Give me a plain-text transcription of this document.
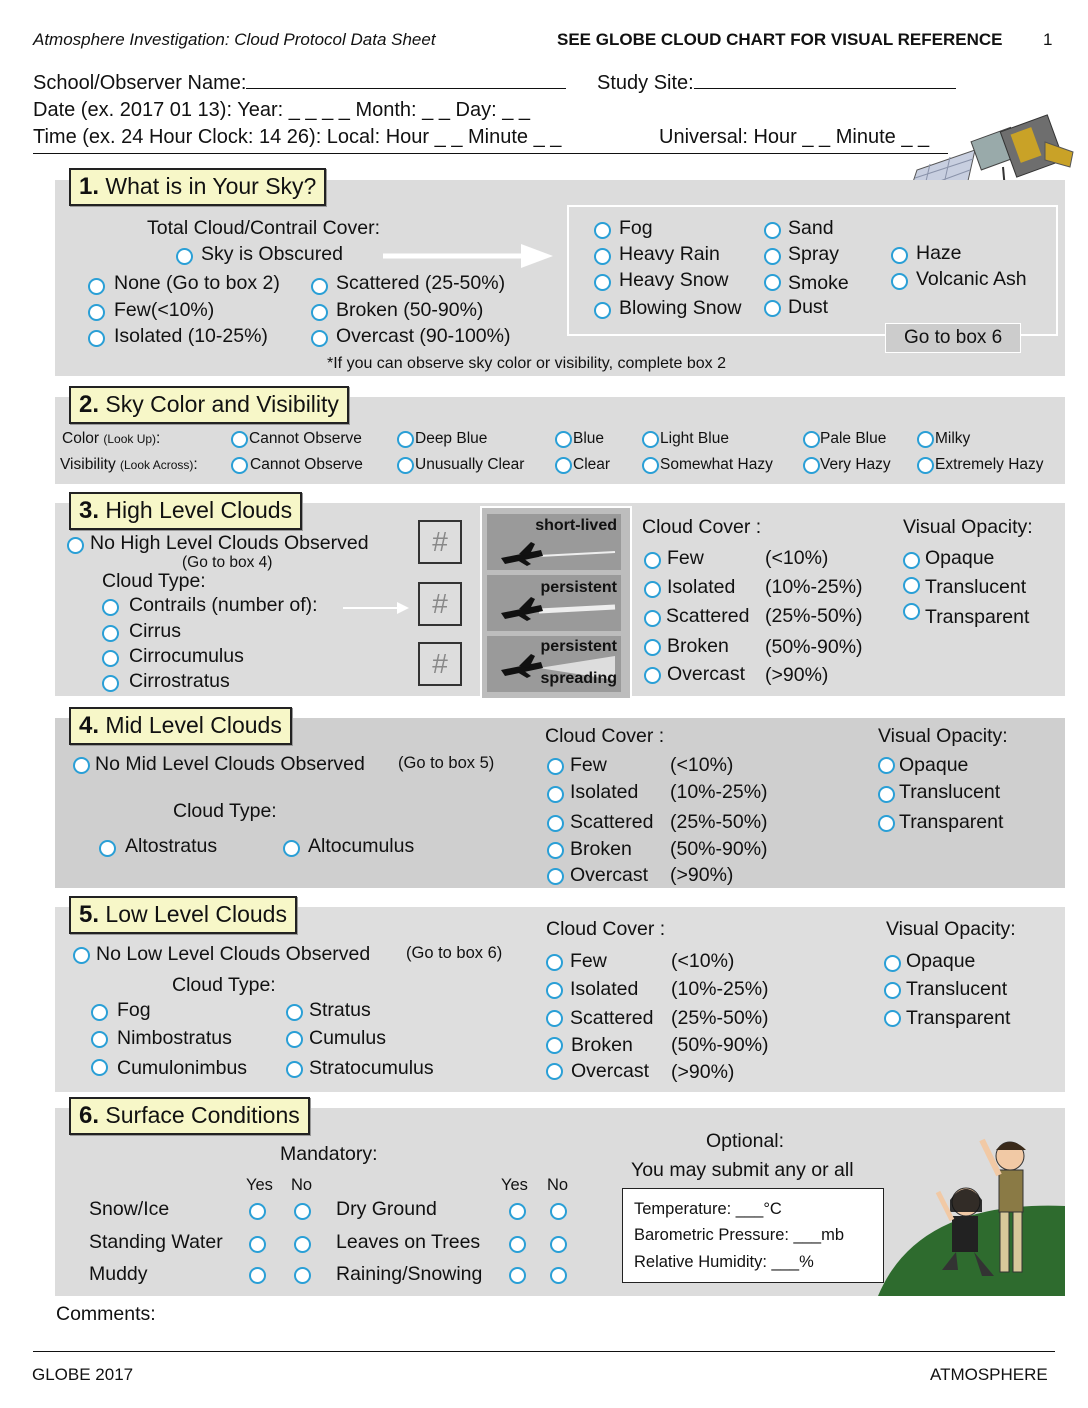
Atmosphere Investigation: Cloud Protocol Data Sheet	SEE GLOBE CLOUD CHART FOR VISUAL REFERENCE 1
School/Observer Name:	Study Site:
Date (ex. 2017 01 13): Year: _ _ _ _ Month: _ _ Day: _ _
Time (ex. 24 Hour Clock: 14 26): Local: Hour _ _ Minute _ _	Universal: Hour _ _ Minute _ _
1. What is in Your Sky?
Total Cloud/Contrail Cover:
Sky is Obscured
None (Go to box 2)
Few(<10%)
Isolated (10-25%)
Scattered (25-50%)
Broken (50-90%)
Overcast (90-100%)
Fog
Heavy Rain
Heavy Snow
Blowing Snow
Sand
Spray
Smoke
Dust
Haze
Volcanic Ash
Go to box 6
*If you can observe sky color or visibility, complete box 2
2. Sky Color and Visibility
Color (Look Up):
Visibility (Look Across):
Cannot Observe	Deep Blue	Blue	Light Blue	Pale Blue	Milky
Cannot Observe	Unusually Clear	Clear	Somewhat Hazy	Very Hazy	Extremely Hazy
3. High Level Clouds
No High Level Clouds Observed
(Go to box 4)
Cloud Type:
Contrails (number of):
Cirrus
Cirrocumulus
Cirrostratus
#
#
#
short-lived
persistent
persistent
spreading
Cloud Cover :
Few	(<10%)
Isolated (10%-25%)
Scattered (25%-50%)
Broken (50%-90%)
Overcast (>90%)
Visual Opacity:
Opaque
Translucent
Transparent
4. Mid Level Clouds
No Mid Level Clouds Observed (Go to box 5)
Cloud Type:
Altostratus	Altocumulus
Cloud Cover :
Few	(<10%)
Isolated (10%-25%)
Scattered (25%-50%)
Broken (50%-90%)
Overcast (>90%)
Visual Opacity:
Opaque
Translucent
Transparent
5. Low Level Clouds
No Low Level Clouds Observed (Go to box 6)
Cloud Type:
Fog
Nimbostratus
Cumulonimbus
Stratus
Cumulus
Stratocumulus
Cloud Cover :
Few	(<10%)
Isolated (10%-25%)
Scattered (25%-50%)
Broken (50%-90%)
Overcast (>90%)
Visual Opacity:
Opaque
Translucent
Transparent
6. Surface Conditions
Mandatory:
Yes No	Yes No
Snow/Ice
Standing Water
Muddy
Dry Ground
Leaves on Trees
Raining/Snowing
Optional:
You may submit any or all
Temperature: ___°C
Barometric Pressure: ___mb
Relative Humidity: ___%
Comments:
GLOBE 2017	ATMOSPHERE
